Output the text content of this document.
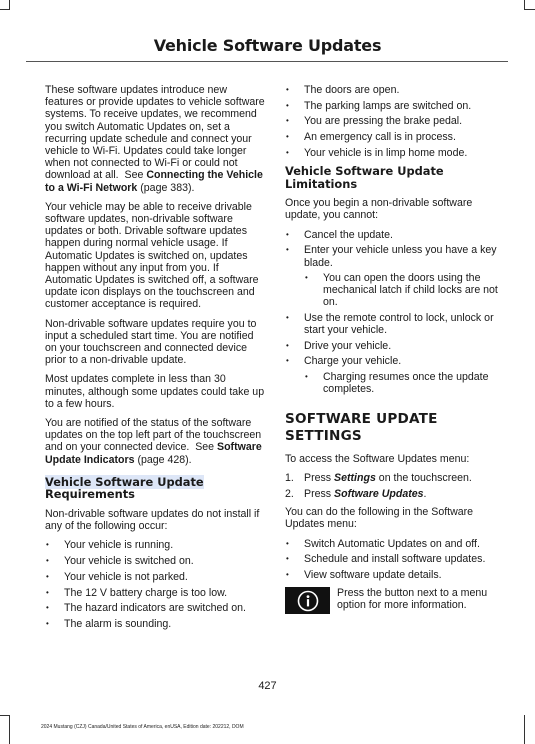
Vehicle Software Updates

These software updates introduce new features or provide updates to vehicle software systems. To receive updates, we recommend you switch Automatic Updates on, set a recurring update schedule and connect your vehicle to Wi-Fi. Updates could take longer when not connected to Wi-Fi or could not download at all. See Connecting the Vehicle to a Wi-Fi Network (page 383).

Your vehicle may be able to receive drivable software updates, non-drivable software updates or both. Drivable software updates happen during normal vehicle usage. If Automatic Updates is switched on, updates happen without any input from you. If Automatic Updates is switched off, a software update icon displays on the touchscreen and customer acceptance is required.

Non-drivable software updates require you to input a scheduled start time. You are notified on your touchscreen and connected device prior to a non-drivable update.

Most updates complete in less than 30 minutes, although some updates could take up to a few hours.

You are notified of the status of the software updates on the top left part of the touchscreen and on your connected device. See Software Update Indicators (page 428).

Vehicle Software Update
Requirements

Non-drivable software updates do not install if any of the following occur:

• Your vehicle is running.
• Your vehicle is switched on.
• Your vehicle is not parked.
• The 12 V battery charge is too low.
• The hazard indicators are switched on.
• The alarm is sounding.
• The doors are open.
• The parking lamps are switched on.
• You are pressing the brake pedal.
• An emergency call is in process.
• Your vehicle is in limp home mode.
Vehicle Software Update Limitations

Once you begin a non-drivable software update, you cannot:

• Cancel the update.
• Enter your vehicle unless you have a key blade.
• You can open the doors using the mechanical latch if child locks are not on.
• Use the remote control to lock, unlock or start your vehicle.
• Drive your vehicle.
• Charge your vehicle.
• Charging resumes once the update completes.
SOFTWARE UPDATE
SETTINGS

To access the Software Updates menu:

1. Press Settings on the touchscreen.
2. Press Software Updates.

You can do the following in the Software Updates menu:

• Switch Automatic Updates on and off.
• Schedule and install software updates.
• View software update details.
Press the button next to a menu option for more information.
427
2024 Mustang (CZJ) Canada/United States of America, enUSA, Edition date: 202212, DOM
